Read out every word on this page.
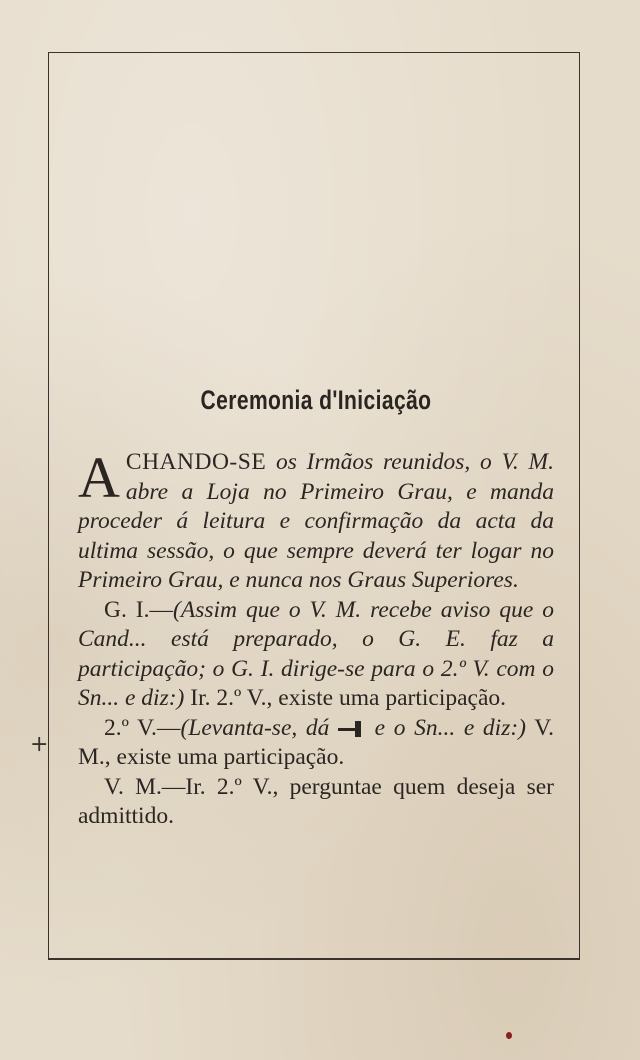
+
Ceremonia d'Iniciação

ACHANDO-SE os Irmãos reunidos, o V. M. abre a Loja no Primeiro Grau, e manda proceder á leitura e confirmação da acta da ultima sessão, o que sempre deverá ter logar no Primeiro Grau, e nunca nos Graus Superiores.

G. I.—(Assim que o V. M. recebe aviso que o Cand... está preparado, o G. E. faz a participação; o G. I. dirige-se para o 2.º V. com o Sn... e diz:) Ir. 2.º V., existe uma participação.

2.º V.—(Levanta-se, dá  e o Sn... e diz:) V. M., existe uma participação.

V. M.—Ir. 2.º V., perguntae quem deseja ser admittido.
